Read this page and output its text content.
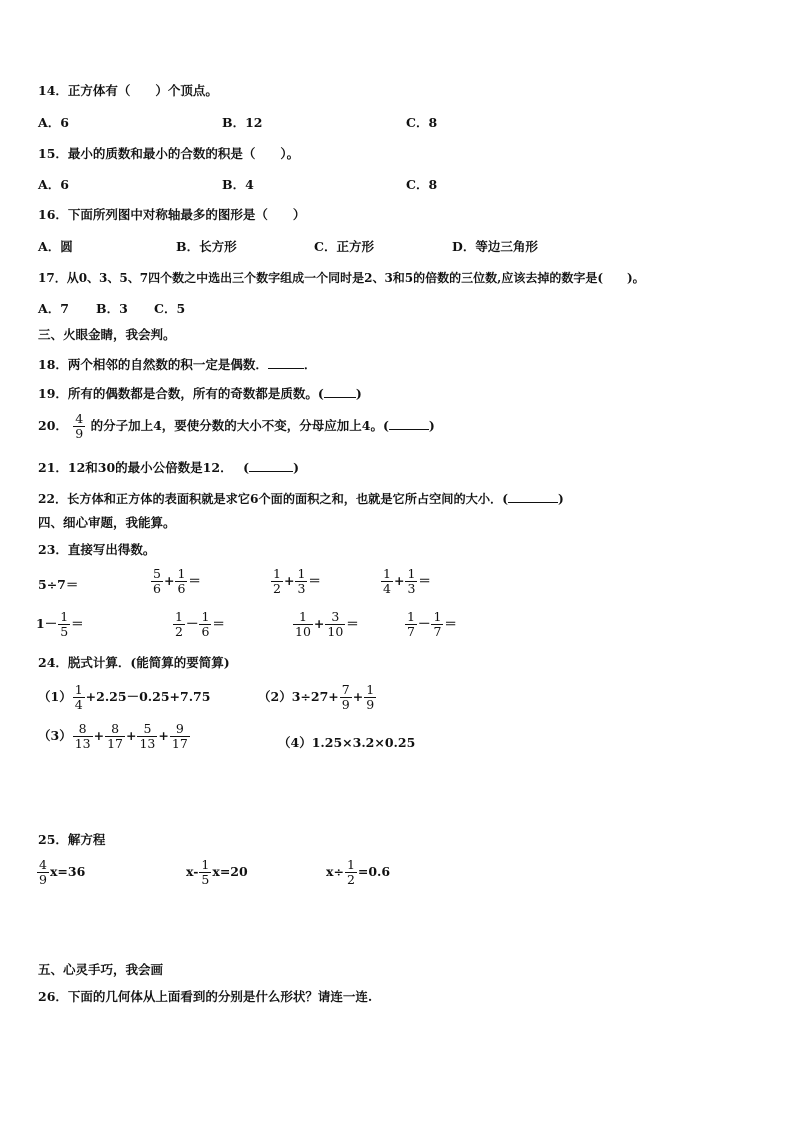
14．正方体有（　　）个顶点。
A．6	B．12	C．8
15．最小的质数和最小的合数的积是（　　）。
A．6	B．4	C．8
16．下面所列图中对称轴最多的图形是（　　）
A．圆	B．长方形	C．正方形	D．等边三角形
17．从0、3、5、7四个数之中选出三个数字组成一个同时是2、3和5的倍数的三位数,应该去掉的数字是(　　)。
A．7 B．3 C．5
三、火眼金睛，我会判。
18．两个相邻的自然数的积一定是偶数．	．
19．所有的偶数都是合数，所有的奇数都是质数。(	)
20． $\frac{4}{9}$ 的分子加上4，要使分数的大小不变，分母应加上4。(	)
21．12和30的最小公倍数是12．　 (	)
22．长方体和正方体的表面积就是求它6个面的面积之和，也就是它所占空间的大小．(	)
四、细心审题，我能算。
23．直接写出得数。
5÷7＝	$\frac{5}{6} + \frac{1}{6}$ ＝	$\frac{1}{2} + \frac{1}{3}$ ＝	$\frac{1}{4} + \frac{1}{3}$ ＝
$1- \frac{1}{5}$ ＝	$\frac{1}{2} - \frac{1}{6}$ ＝	$\frac{1}{10} + \frac{3}{10}$ ＝	$\frac{1}{7} - \frac{1}{7}$ ＝
24．脱式计算．(能简算的要简算)
$(1) \frac{1}{4} +2.25-0.25+7.75$	$(2)3\div 27+ \frac{7}{9} + \frac{1}{9}$
$(3) \frac{8}{13} + \frac{8}{17} + \frac{5}{13} + \frac{9}{17}$	（4）1.25×3.2×0.25
25．解方程
$\frac{4}{9} x=36$	$x- \frac{1}{5} x=20$	$x\div \frac{1}{2} =0.6$
五、心灵手巧，我会画
26．下面的几何体从上面看到的分别是什么形状？请连一连.
